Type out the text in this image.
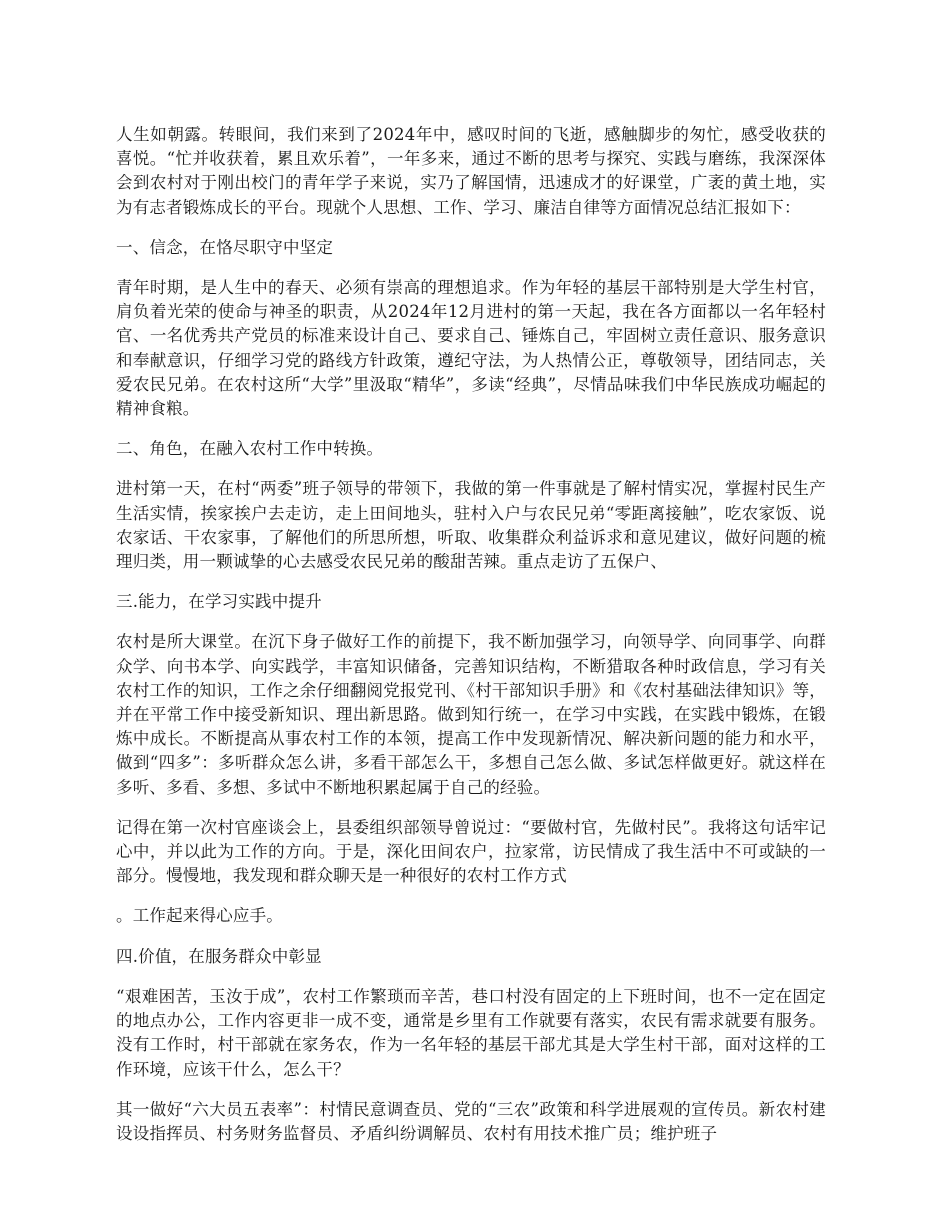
人生如朝露。转眼间，我们来到了2024年中，感叹时间的飞逝，感触脚步的匆忙，感受收获的喜悦。“忙并收获着，累且欢乐着”，一年多来，通过不断的思考与探究、实践与磨练，我深深体会到农村对于刚出校门的青年学子来说，实乃了解国情，迅速成才的好课堂，广袤的黄土地，实为有志者锻炼成长的平台。现就个人思想、工作、学习、廉洁自律等方面情况总结汇报如下：

一、信念，在恪尽职守中坚定

青年时期，是人生中的春天、必须有崇高的理想追求。作为年轻的基层干部特别是大学生村官，肩负着光荣的使命与神圣的职责，从2024年12月进村的第一天起，我在各方面都以一名年轻村官、一名优秀共产党员的标准来设计自己、要求自己、锤炼自己，牢固树立责任意识、服务意识和奉献意识，仔细学习党的路线方针政策，遵纪守法，为人热情公正，尊敬领导，团结同志，关爱农民兄弟。在农村这所“大学”里汲取“精华”，多读“经典”，尽情品味我们中华民族成功崛起的精神食粮。

二、角色，在融入农村工作中转换。

进村第一天，在村“两委”班子领导的带领下，我做的第一件事就是了解村情实况，掌握村民生产生活实情，挨家挨户去走访，走上田间地头，驻村入户与农民兄弟“零距离接触”，吃农家饭、说农家话、干农家事，了解他们的所思所想，听取、收集群众利益诉求和意见建议，做好问题的梳理归类，用一颗诚挚的心去感受农民兄弟的酸甜苦辣。重点走访了五保户、

三.能力，在学习实践中提升

农村是所大课堂。在沉下身子做好工作的前提下，我不断加强学习，向领导学、向同事学、向群众学、向书本学、向实践学，丰富知识储备，完善知识结构，不断猎取各种时政信息，学习有关农村工作的知识，工作之余仔细翻阅党报党刊、《村干部知识手册》和《农村基础法律知识》等，并在平常工作中接受新知识、理出新思路。做到知行统一，在学习中实践，在实践中锻炼，在锻炼中成长。不断提高从事农村工作的本领，提高工作中发现新情况、解决新问题的能力和水平，做到“四多”：多听群众怎么讲，多看干部怎么干，多想自己怎么做、多试怎样做更好。就这样在多听、多看、多想、多试中不断地积累起属于自己的经验。

记得在第一次村官座谈会上，县委组织部领导曾说过：“要做村官，先做村民”。我将这句话牢记心中，并以此为工作的方向。于是，深化田间农户，拉家常，访民情成了我生活中不可或缺的一部分。慢慢地，我发现和群众聊天是一种很好的农村工作方式

。工作起来得心应手。

四.价值，在服务群众中彰显

“艰难困苦，玉汝于成”，农村工作繁琐而辛苦，巷口村没有固定的上下班时间，也不一定在固定的地点办公，工作内容更非一成不变，通常是乡里有工作就要有落实，农民有需求就要有服务。没有工作时，村干部就在家务农，作为一名年轻的基层干部尤其是大学生村干部，面对这样的工作环境，应该干什么，怎么干？

其一做好“六大员五表率”：村情民意调查员、党的“三农”政策和科学进展观的宣传员。新农村建设设指挥员、村务财务监督员、矛盾纠纷调解员、农村有用技术推广员；维护班子
